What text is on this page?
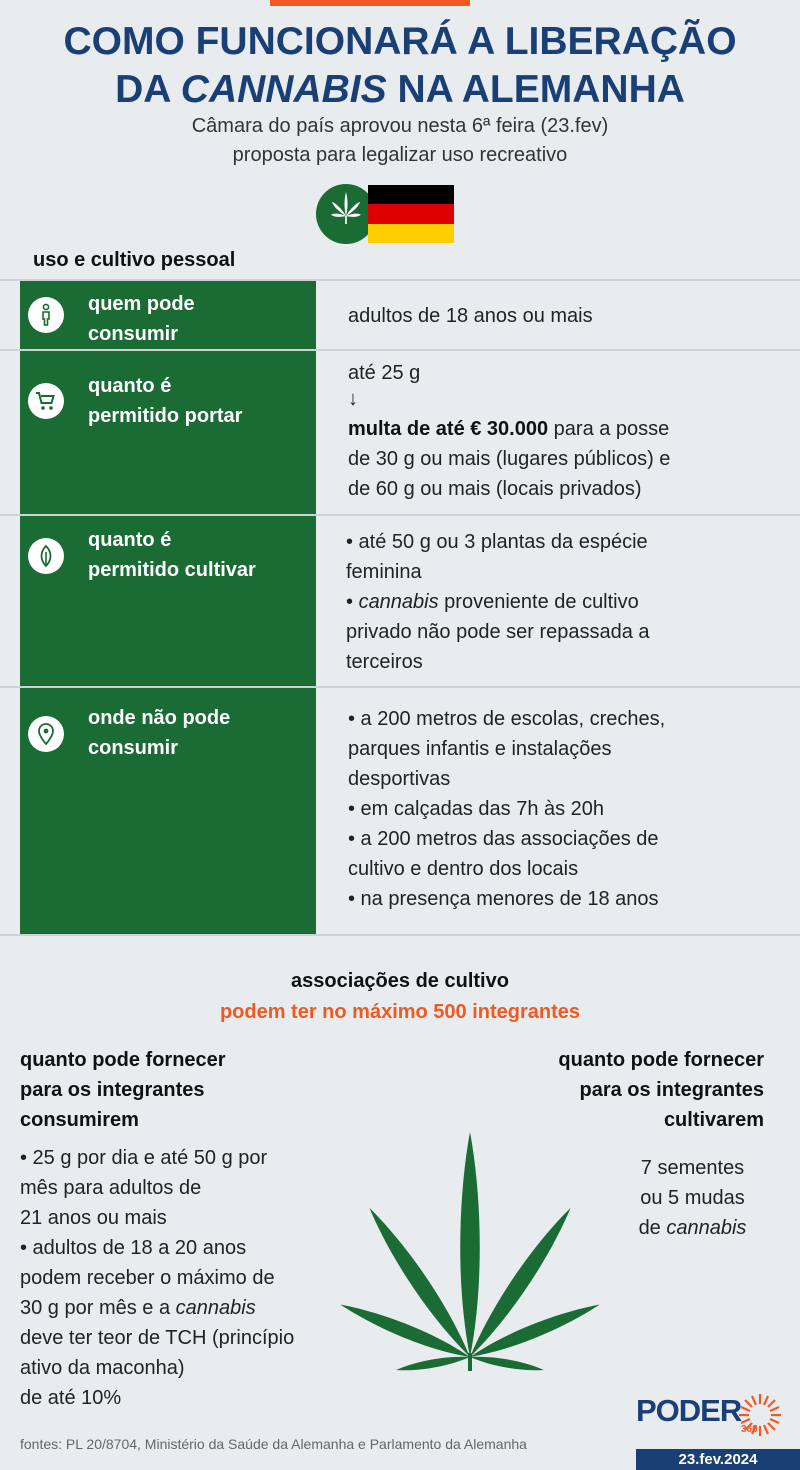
COMO FUNCIONARÁ A LIBERAÇÃO
DA CANNABIS NA ALEMANHA
Câmara do país aprovou nesta 6ª feira (23.fev)
proposta para legalizar uso recreativo
uso e cultivo pessoal
quem pode
consumir
adultos de 18 anos ou mais
quanto é
permitido portar
até 25 g
↓
multa de até € 30.000 para a posse
de 30 g ou mais (lugares públicos) e
de 60 g ou mais (locais privados)
quanto é
permitido cultivar
• até 50 g ou 3 plantas da espécie
feminina
• cannabis proveniente de cultivo
privado não pode ser repassada a
terceiros
onde não pode
consumir
• a 200 metros de escolas, creches,
parques infantis e instalações
desportivas
• em calçadas das 7h às 20h
• a 200 metros das associações de
cultivo e dentro dos locais
• na presença menores de 18 anos
associações de cultivo
podem ter no máximo 500 integrantes
quanto pode fornecer
para os integrantes
consumirem
• 25 g por dia e até 50 g por
mês para adultos de
21 anos ou mais
• adultos de 18 a 20 anos
podem receber o máximo de
30 g por mês e a cannabis
deve ter teor de TCH (princípio
ativo da maconha)
de até 10%
quanto pode fornecer
para os integrantes
cultivarem
7 sementes
ou 5 mudas
de cannabis
fontes: PL 20/8704, Ministério da Saúde da Alemanha e Parlamento da Alemanha
PODER
360
23.fev.2024
